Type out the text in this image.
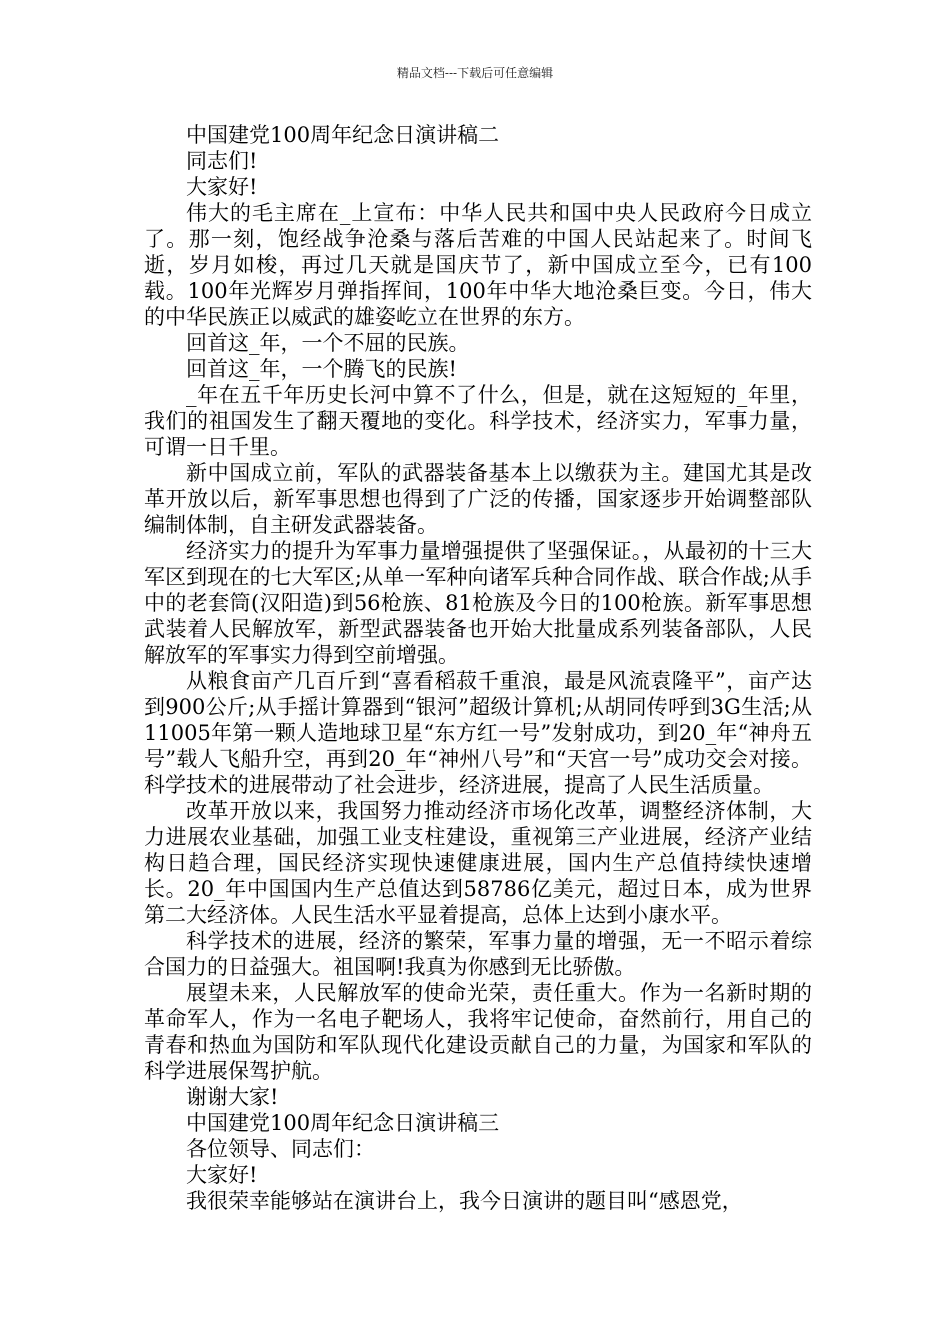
精品文档---下载后可任意编辑

中国建党100周年纪念日演讲稿二

同志们!

大家好!

伟大的毛主席在_上宣布：中华人民共和国中央人民政府今日成立了。那一刻，饱经战争沧桑与落后苦难的中国人民站起来了。时间飞逝，岁月如梭，再过几天就是国庆节了，新中国成立至今，已有100载。100年光辉岁月弹指挥间，100年中华大地沧桑巨变。今日，伟大的中华民族正以威武的雄姿屹立在世界的东方。

回首这_年，一个不屈的民族。

回首这_年，一个腾飞的民族!

_年在五千年历史长河中算不了什么，但是，就在这短短的_年里，我们的祖国发生了翻天覆地的变化。科学技术，经济实力，军事力量，可谓一日千里。

新中国成立前，军队的武器装备基本上以缴获为主。建国尤其是改革开放以后，新军事思想也得到了广泛的传播，国家逐步开始调整部队编制体制，自主研发武器装备。

经济实力的提升为军事力量增强提供了坚强保证。，从最初的十三大军区到现在的七大军区;从单一军种向诸军兵种合同作战、联合作战;从手中的老套筒(汉阳造)到56枪族、81枪族及今日的100枪族。新军事思想武装着人民解放军，新型武器装备也开始大批量成系列装备部队，人民解放军的军事实力得到空前增强。

从粮食亩产几百斤到“喜看稻菽千重浪，最是风流袁隆平”，亩产达到900公斤;从手摇计算器到“银河”超级计算机;从胡同传呼到3G生活;从11005年第一颗人造地球卫星“东方红一号”发射成功，到20_年“神舟五号”载人飞船升空，再到20_年“神州八号”和“天宫一号”成功交会对接。科学技术的进展带动了社会进步，经济进展，提高了人民生活质量。

改革开放以来，我国努力推动经济市场化改革，调整经济体制，大力进展农业基础，加强工业支柱建设，重视第三产业进展，经济产业结构日趋合理，国民经济实现快速健康进展，国内生产总值持续快速增长。20_年中国国内生产总值达到58786亿美元，超过日本，成为世界第二大经济体。人民生活水平显着提高，总体上达到小康水平。

科学技术的进展，经济的繁荣，军事力量的增强，无一不昭示着综合国力的日益强大。祖国啊!我真为你感到无比骄傲。

展望未来，人民解放军的使命光荣，责任重大。作为一名新时期的革命军人，作为一名电子靶场人，我将牢记使命，奋然前行，用自己的青春和热血为国防和军队现代化建设贡献自己的力量，为国家和军队的科学进展保驾护航。

谢谢大家!

中国建党100周年纪念日演讲稿三

各位领导、同志们：

大家好!

我很荣幸能够站在演讲台上，我今日演讲的题目叫“感恩党，
